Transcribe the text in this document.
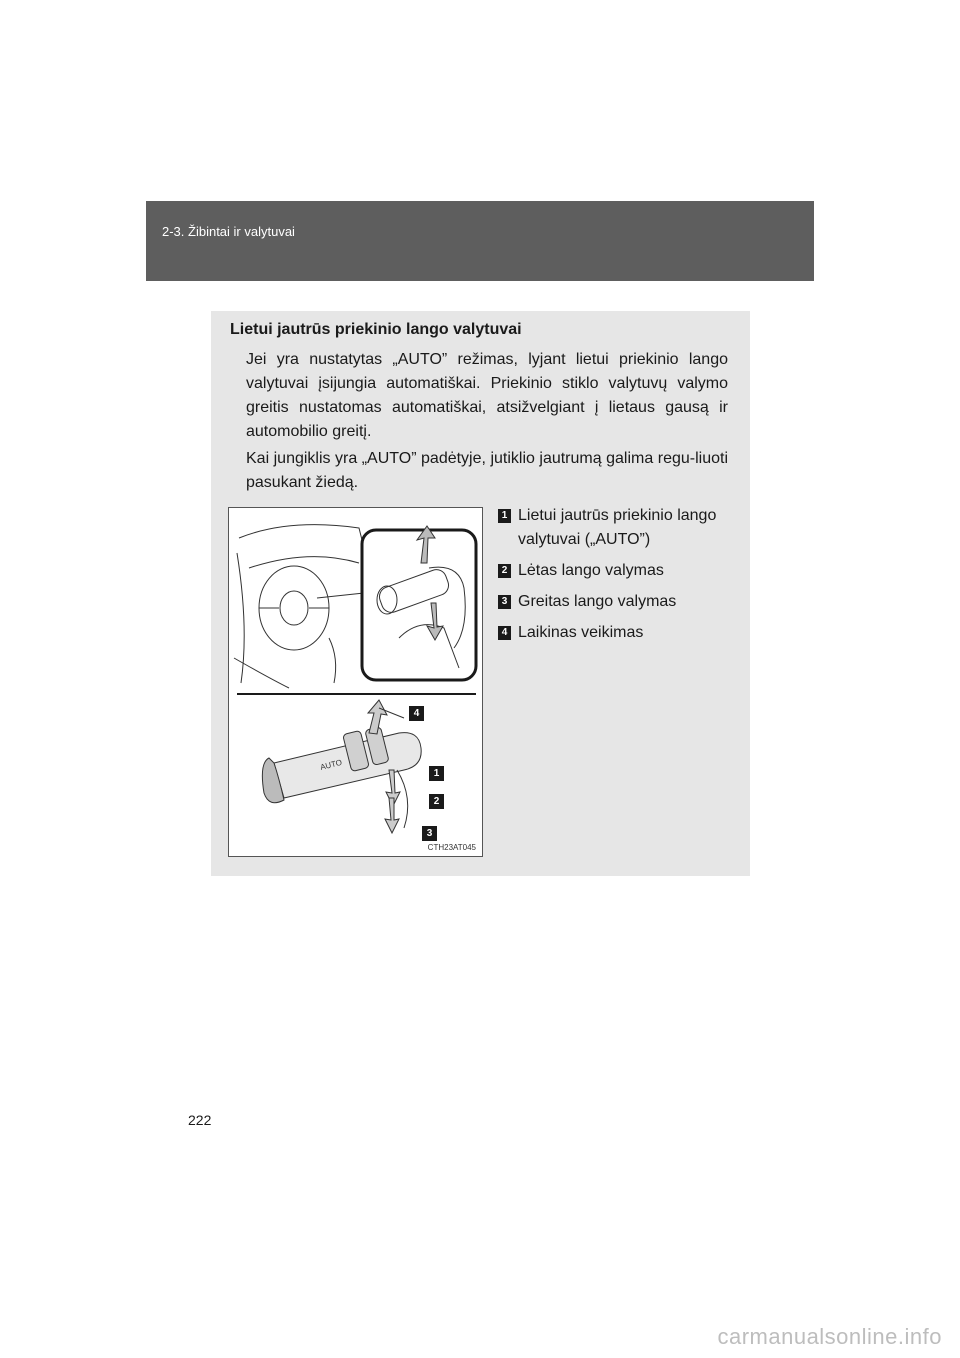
2-3. Žibintai ir valytuvai
Lietui jautrūs priekinio lango valytuvai

Jei yra nustatytas „AUTO” režimas, lyjant lietui priekinio lango valytuvai įsijungia automatiškai. Priekinio stiklo valytuvų valymo greitis nustatomas automatiškai, atsižvelgiant į lietaus gausą ir automobilio greitį.

Kai jungiklis yra „AUTO” padėtyje, jutiklio jautrumą galima regu-liuoti pasukant žiedą.

1 Lietui jautrūs priekinio lango valytuvai („AUTO”)
2 Lėtas lango valymas
3 Greitas lango valymas
4 Laikinas veikimas
AUTO
4
1
2
3
CTH23AT045
222
carmanualsonline.info
